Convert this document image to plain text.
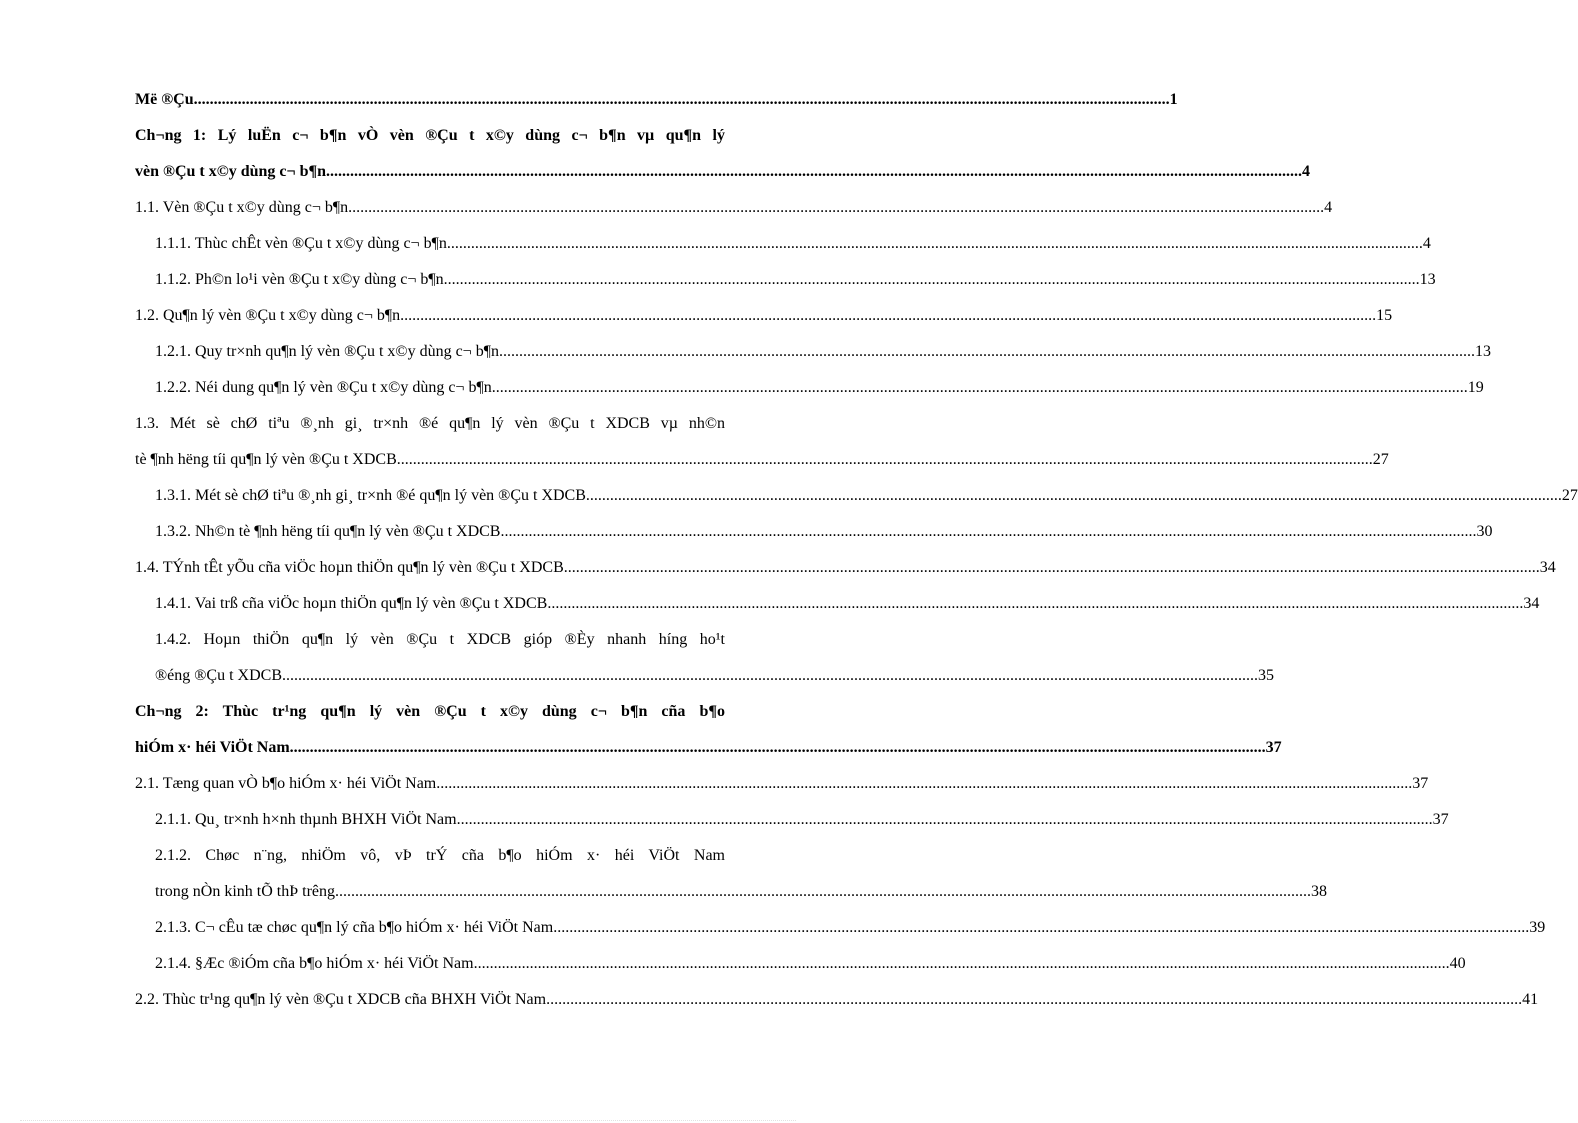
Më ®Çu .....	1
Ch¬ng 1: Lý luËn c¬ b¶n vÒ vèn ®Çu t x©y dùng c¬ b¶n vµ qu¶n lý
vèn ®Çu t x©y dùng c¬ b¶n .....	4
1.1. Vèn ®Çu t x©y dùng c¬ b¶n .....	4
1.1.1. Thùc chÊt vèn ®Çu t x©y dùng c¬ b¶n .....	4
1.1.2. Ph©n lo¹i vèn ®Çu t x©y dùng c¬ b¶n .....	13
1.2. Qu¶n lý vèn ®Çu t x©y dùng c¬ b¶n .....	15
1.2.1. Quy tr×nh qu¶n lý vèn ®Çu t x©y dùng c¬ b¶n .....	13
1.2.2. Néi dung qu¶n lý vèn ®Çu t x©y dùng c¬ b¶n .....	19
1.3. Mét sè chØ tiªu ®¸nh gi¸ tr×nh ®é qu¶n lý vèn ®Çu t XDCB vµ nh©n
tè ¶nh hëng tíi qu¶n lý vèn ®Çu t XDCB .....	27
1.3.1. Mét sè chØ tiªu ®¸nh gi¸ tr×nh ®é qu¶n lý vèn ®Çu t XDCB .....	27
1.3.2. Nh©n tè ¶nh hëng tíi qu¶n lý vèn ®Çu t XDCB .....	30
1.4. TÝnh tÊt yÕu cña viÖc hoµn thiÖn qu¶n lý vèn ®Çu t XDCB .....	34
1.4.1. Vai trß cña viÖc hoµn thiÖn qu¶n lý vèn ®Çu t XDCB .....	34
1.4.2. Hoµn thiÖn qu¶n lý vèn ®Çu t XDCB gióp ®Èy nhanh híng ho¹t
®éng ®Çu t XDCB .....	35
Ch¬ng 2: Thùc tr¹ng qu¶n lý vèn ®Çu t x©y dùng c¬ b¶n cña b¶o
hiÓm x· héi ViÖt Nam .....	37
2.1. Tæng quan vÒ b¶o hiÓm x· héi ViÖt Nam .....	37
2.1.1. Qu¸ tr×nh h×nh thµnh BHXH ViÖt Nam .....	37
2.1.2. Chøc n¨ng, nhiÖm vô, vÞ trÝ cña b¶o hiÓm x· héi ViÖt Nam
trong nÒn kinh tÕ thÞ trêng .....	38
2.1.3. C¬ cÊu tæ chøc qu¶n lý cña b¶o hiÓm x· héi ViÖt Nam .....	39
2.1.4. §Æc ®iÓm cña b¶o hiÓm x· héi ViÖt Nam .....	40
2.2. Thùc tr¹ng qu¶n lý vèn ®Çu t XDCB cña BHXH ViÖt Nam .....	41
